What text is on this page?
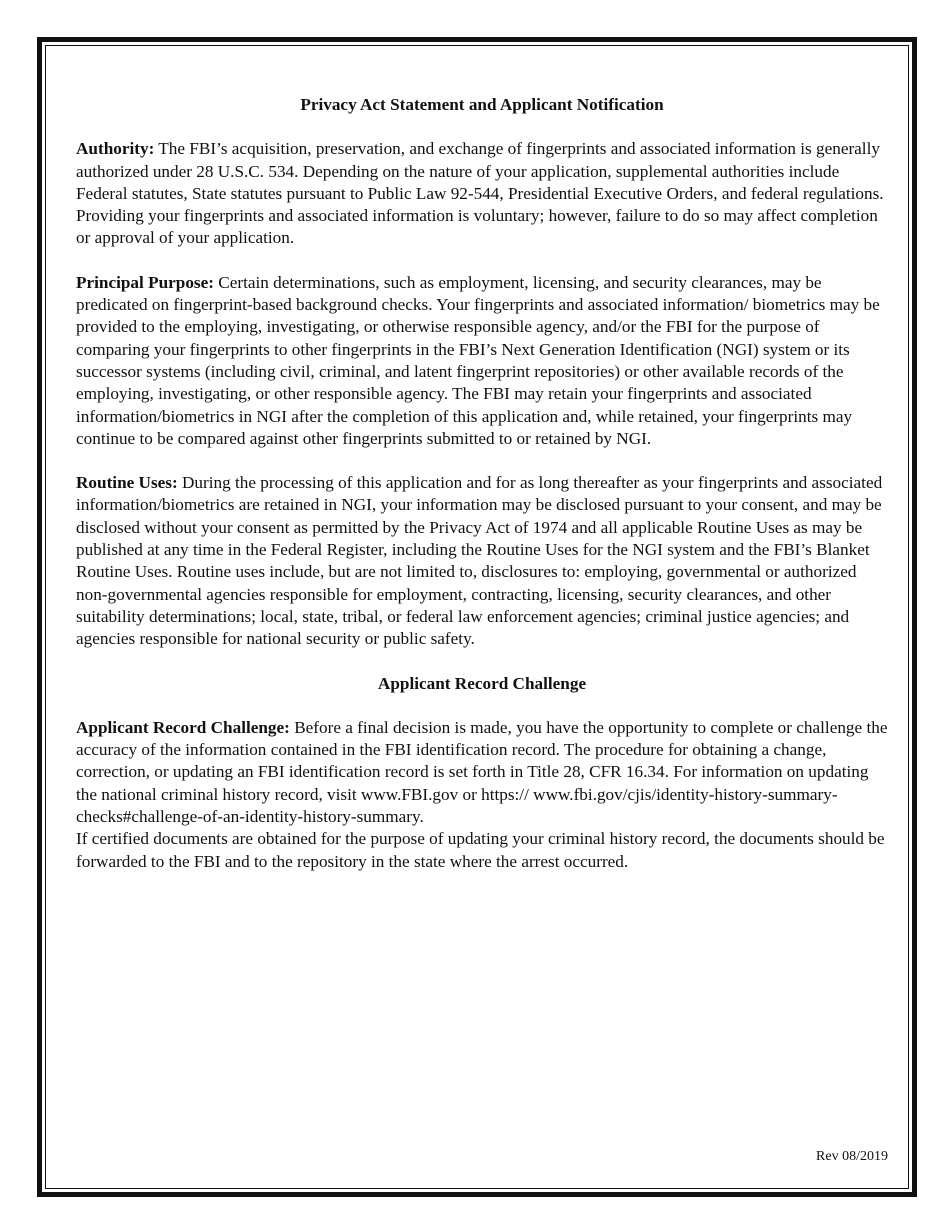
Privacy Act Statement and Applicant Notification

Authority: The FBI’s acquisition, preservation, and exchange of fingerprints and associated information is generally authorized under 28 U.S.C. 534. Depending on the nature of your application, supplemental authorities include Federal statutes, State statutes pursuant to Public Law 92-544, Presidential Executive Orders, and federal regulations. Providing your fingerprints and associated information is voluntary; however, failure to do so may affect completion or approval of your application.

Principal Purpose: Certain determinations, such as employment, licensing, and security clearances, may be predicated on fingerprint-based background checks. Your fingerprints and associated information/ biometrics may be provided to the employing, investigating, or otherwise responsible agency, and/or the FBI for the purpose of comparing your fingerprints to other fingerprints in the FBI’s Next Generation Identification (NGI) system or its successor systems (including civil, criminal, and latent fingerprint repositories) or other available records of the employing, investigating, or other responsible agency. The FBI may retain your fingerprints and associated information/biometrics in NGI after the completion of this application and, while retained, your fingerprints may continue to be compared against other fingerprints submitted to or retained by NGI.

Routine Uses: During the processing of this application and for as long thereafter as your fingerprints and associated information/biometrics are retained in NGI, your information may be disclosed pursuant to your consent, and may be disclosed without your consent as permitted by the Privacy Act of 1974 and all applicable Routine Uses as may be published at any time in the Federal Register, including the Routine Uses for the NGI system and the FBI’s Blanket Routine Uses. Routine uses include, but are not limited to, disclosures to: employing, governmental or authorized non-governmental agencies responsible for employment, contracting, licensing, security clearances, and other suitability determinations; local, state, tribal, or federal law enforcement agencies; criminal justice agencies; and agencies responsible for national security or public safety.

Applicant Record Challenge

Applicant Record Challenge: Before a final decision is made, you have the opportunity to complete or challenge the accuracy of the information contained in the FBI identification record. The procedure for obtaining a change, correction, or updating an FBI identification record is set forth in Title 28, CFR 16.34. For information on updating the national criminal history record, visit www.FBI.gov or https:// www.fbi.gov/cjis/identity-history-summary-checks#challenge-of-an-identity-history-summary.
If certified documents are obtained for the purpose of updating your criminal history record, the documents should be forwarded to the FBI and to the repository in the state where the arrest occurred.

Rev 08/2019
